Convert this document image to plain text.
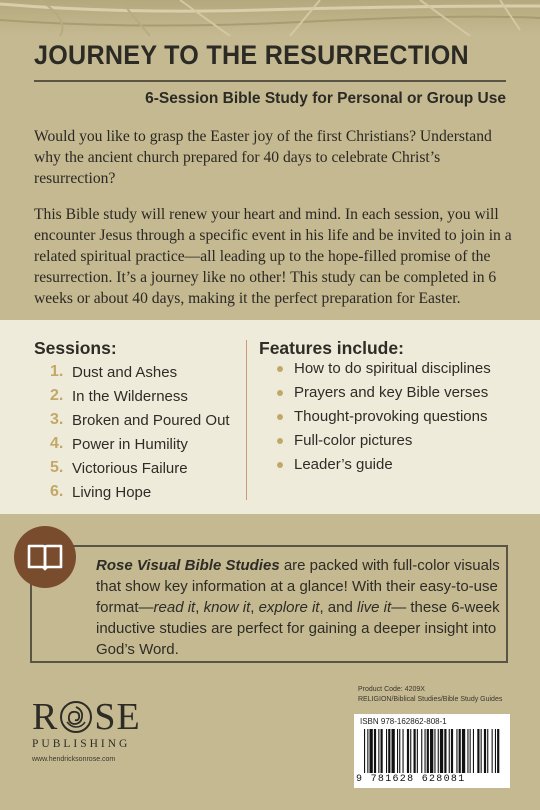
JOURNEY TO THE RESURRECTION
6-Session Bible Study for Personal or Group Use

Would you like to grasp the Easter joy of the first Christians? Understand why the ancient church prepared for 40 days to celebrate Christ’s resurrection?

This Bible study will renew your heart and mind. In each session, you will encounter Jesus through a specific event in his life and be invited to join in a related spiritual practice—all leading up to the hope-filled promise of the resurrection. It’s a journey like no other! This study can be completed in 6 weeks or about 40 days, making it the perfect preparation for Easter.

Sessions:	Features include:
1. Dust and Ashes
2. In the Wilderness
3. Broken and Poured Out
4. Power in Humility
5. Victorious Failure
6. Living Hope
How to do spiritual disciplines
Prayers and key Bible verses
Thought-provoking questions
Full-color pictures
Leader’s guide

Rose Visual Bible Studies are packed with full-color visuals that show key information at a glance! With their easy-to-use format—read it, know it, explore it, and live it— these 6-week inductive studies are perfect for gaining a deeper insight into God’s Word.

R SE
PUBLISHING

www.hendricksonrose.com

Product Code: 4209X
RELIGION/Biblical Studies/Bible Study Guides

ISBN 978-162862-808-1

9 781628 628081
